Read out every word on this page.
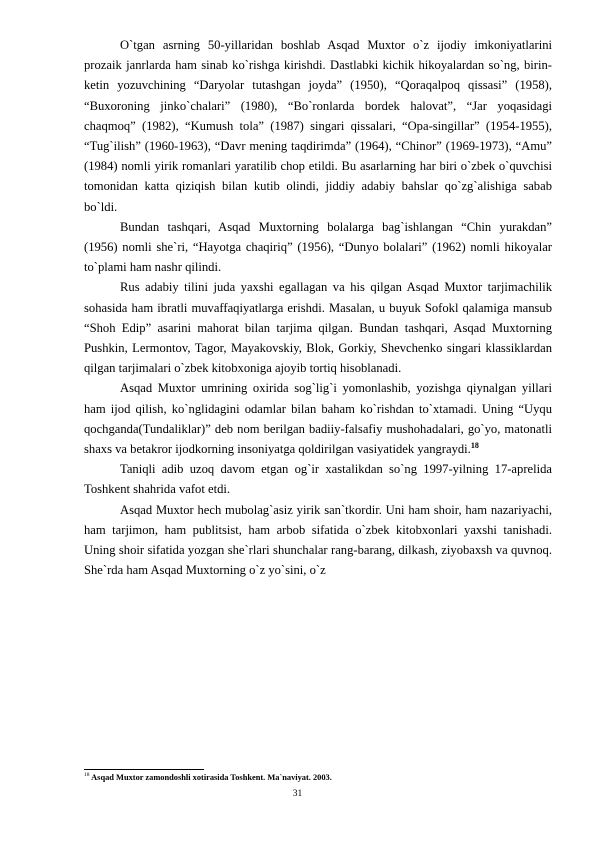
O`tgan asrning 50-yillaridan boshlab Asqad Muxtor o`z ijodiy imkoniyatlarini prozaik janrlarda ham sinab ko`rishga kirishdi. Dastlabki kichik hikoyalardan so`ng, birin-ketin yozuvchining “Daryolar tutashgan joyda” (1950), “Qoraqalpoq qissasi” (1958), “Buxoroning jinko`chalari” (1980), “Bo`ronlarda bordek halovat”, “Jar yoqasidagi chaqmoq” (1982), “Kumush tola” (1987) singari qissalari, “Opa-singillar” (1954-1955), “Tug`ilish” (1960-1963), “Davr mening taqdirimda” (1964), “Chinor” (1969-1973), “Amu” (1984) nomli yirik romanlari yaratilib chop etildi. Bu asarlarning har biri o`zbek o`quvchisi tomonidan katta qiziqish bilan kutib olindi, jiddiy adabiy bahslar qo`zg`alishiga sabab bo`ldi.

Bundan tashqari, Asqad Muxtorning bolalarga bag`ishlangan “Chin yurakdan” (1956) nomli she`ri, “Hayotga chaqiriq” (1956), “Dunyo bolalari” (1962) nomli hikoyalar to`plami ham nashr qilindi.

Rus adabiy tilini juda yaxshi egallagan va his qilgan Asqad Muxtor tarjimachilik sohasida ham ibratli muvaffaqiyatlarga erishdi. Masalan, u buyuk Sofokl qalamiga mansub “Shoh Edip” asarini mahorat bilan tarjima qilgan. Bundan tashqari, Asqad Muxtorning Pushkin, Lermontov, Tagor, Mayakovskiy, Blok, Gorkiy, Shevchenko singari klassiklardan qilgan tarjimalari o`zbek kitobxoniga ajoyib tortiq hisoblanadi.

Asqad Muxtor umrining oxirida sog`lig`i yomonlashib, yozishga qiynalgan yillari ham ijod qilish, ko`nglidagini odamlar bilan baham ko`rishdan to`xtamadi. Uning “Uyqu qochganda(Tundaliklar)” deb nom berilgan badiiy-falsafiy mushohadalari, go`yo, matonatli shaxs va betakror ijodkorning insoniyatga qoldirilgan vasiyatidek yangraydi.$^{18}$

Taniqli adib uzoq davom etgan og`ir xastalikdan so`ng 1997-yilning 17-aprelida Toshkent shahrida vafot etdi.

Asqad Muxtor hech mubolag`asiz yirik san`tkordir. Uni ham shoir, ham nazariyachi, ham tarjimon, ham publitsist, ham arbob sifatida o`zbek kitobxonlari yaxshi tanishadi. Uning shoir sifatida yozgan she`rlari shunchalar rang-barang, dilkash, ziyobaxsh va quvnoq. She`rda ham Asqad Muxtorning o`z yo`sini, o`z

$^{18}$ Asqad Muxtor zamondoshli xotirasida Toshkent. Ma`naviyat. 2003.

31
